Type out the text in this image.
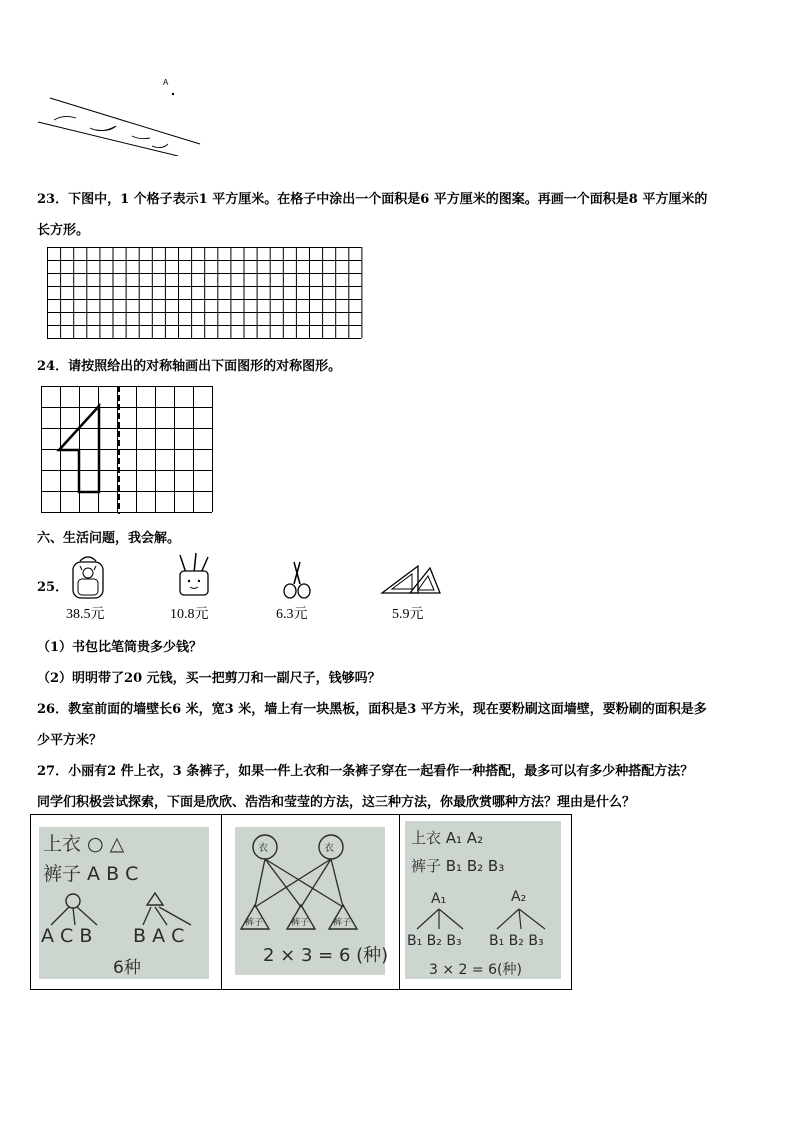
A
23．下图中，1 个格子表示1 平方厘米。在格子中涂出一个面积是6 平方厘米的图案。再画一个面积是8 平方厘米的
长方形。
24．请按照给出的对称轴画出下面图形的对称图形。
六、生活问题，我会解。
25．
38.5元	10.8元	6.3元	5.9元
（1）书包比笔筒贵多少钱？
（2）明明带了20 元钱，买一把剪刀和一副尺子，钱够吗？
26．教室前面的墙壁长6 米，宽3 米，墙上有一块黑板，面积是3 平方米，现在要粉刷这面墙壁，要粉刷的面积是多
少平方米？
27．小丽有2 件上衣，3 条裤子，如果一件上衣和一条裤子穿在一起看作一种搭配，最多可以有多少种搭配方法？
同学们积极尝试探索，下面是欣欣、浩浩和莹莹的方法，这三种方法，你最欣赏哪种方法？理由是什么？
上衣 ○ △
裤子 A B C
A C B B A C
6种
衣	衣
裤子	裤子	裤子
2 × 3 = 6 (种)
上衣 A₁ A₂
裤子 B₁ B₂ B₃
A₁	A₂
B₁ B₂ B₃ B₁ B₂ B₃
3 × 2 = 6(种)
